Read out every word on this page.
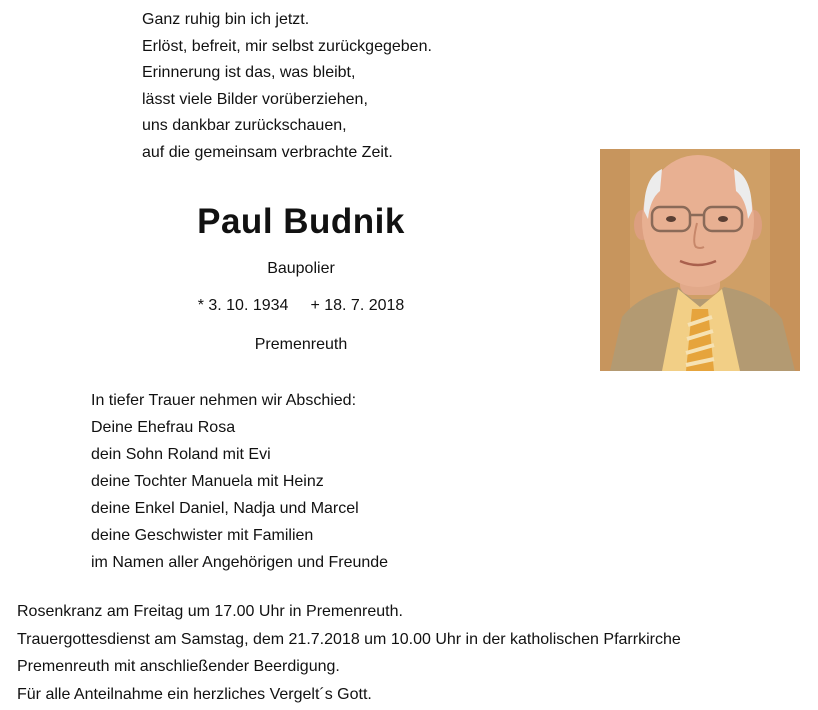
Ganz ruhig bin ich jetzt.
Erlöst, befreit, mir selbst zurückgegeben.
Erinnerung ist das, was bleibt,
lässt viele Bilder vorüberziehen,
uns dankbar zurückschauen,
auf die gemeinsam verbrachte Zeit.
Paul Budnik
Baupolier
* 3. 10. 1934 + 18. 7. 2018
Premenreuth
In tiefer Trauer nehmen wir Abschied:
Deine Ehefrau Rosa
dein Sohn Roland mit Evi
deine Tochter Manuela mit Heinz
deine Enkel Daniel, Nadja und Marcel
deine Geschwister mit Familien
im Namen aller Angehörigen und Freunde
Rosenkranz am Freitag um 17.00 Uhr in Premenreuth.
Trauergottesdienst am Samstag, dem 21.7.2018 um 10.00 Uhr in der katholischen Pfarrkirche
Premenreuth mit anschließender Beerdigung.
Für alle Anteilnahme ein herzliches Vergelt´s Gott.
